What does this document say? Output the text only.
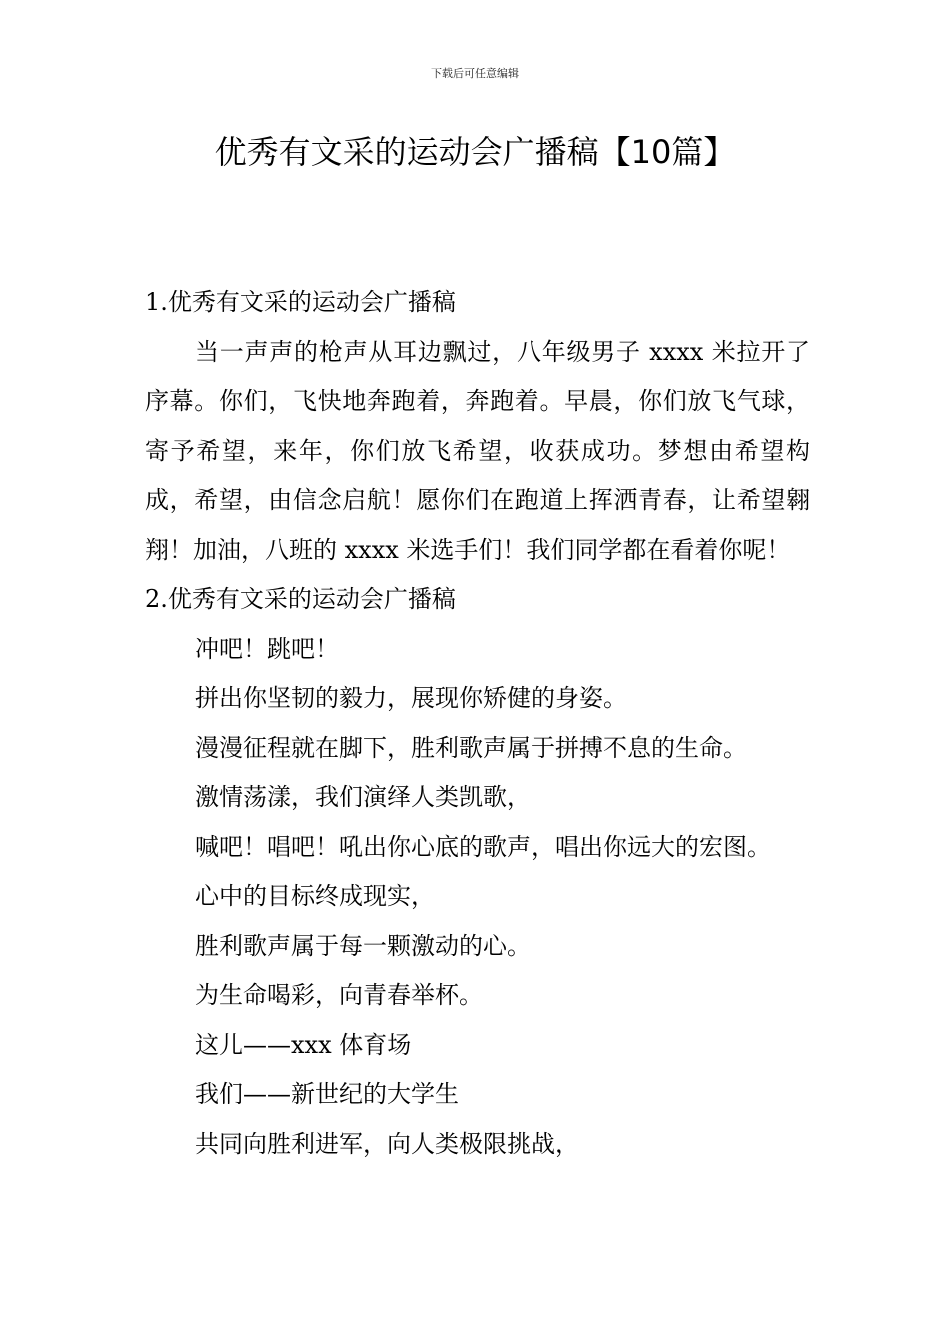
下载后可任意编辑
优秀有文采的运动会广播稿【10篇】

1.优秀有文采的运动会广播稿

当一声声的枪声从耳边飘过，八年级男子 xxxx 米拉开了序幕。你们，飞快地奔跑着，奔跑着。早晨，你们放飞气球，寄予希望，来年，你们放飞希望，收获成功。梦想由希望构成，希望，由信念启航！愿你们在跑道上挥洒青春，让希望翱翔！加油，八班的 xxxx 米选手们！我们同学都在看着你呢！

2.优秀有文采的运动会广播稿

冲吧！跳吧！

拼出你坚韧的毅力，展现你矫健的身姿。

漫漫征程就在脚下，胜利歌声属于拼搏不息的生命。

激情荡漾，我们演绎人类凯歌，

喊吧！唱吧！吼出你心底的歌声，唱出你远大的宏图。

心中的目标终成现实，

胜利歌声属于每一颗激动的心。

为生命喝彩，向青春举杯。

这儿——xxx 体育场

我们——新世纪的大学生

共同向胜利进军，向人类极限挑战，
